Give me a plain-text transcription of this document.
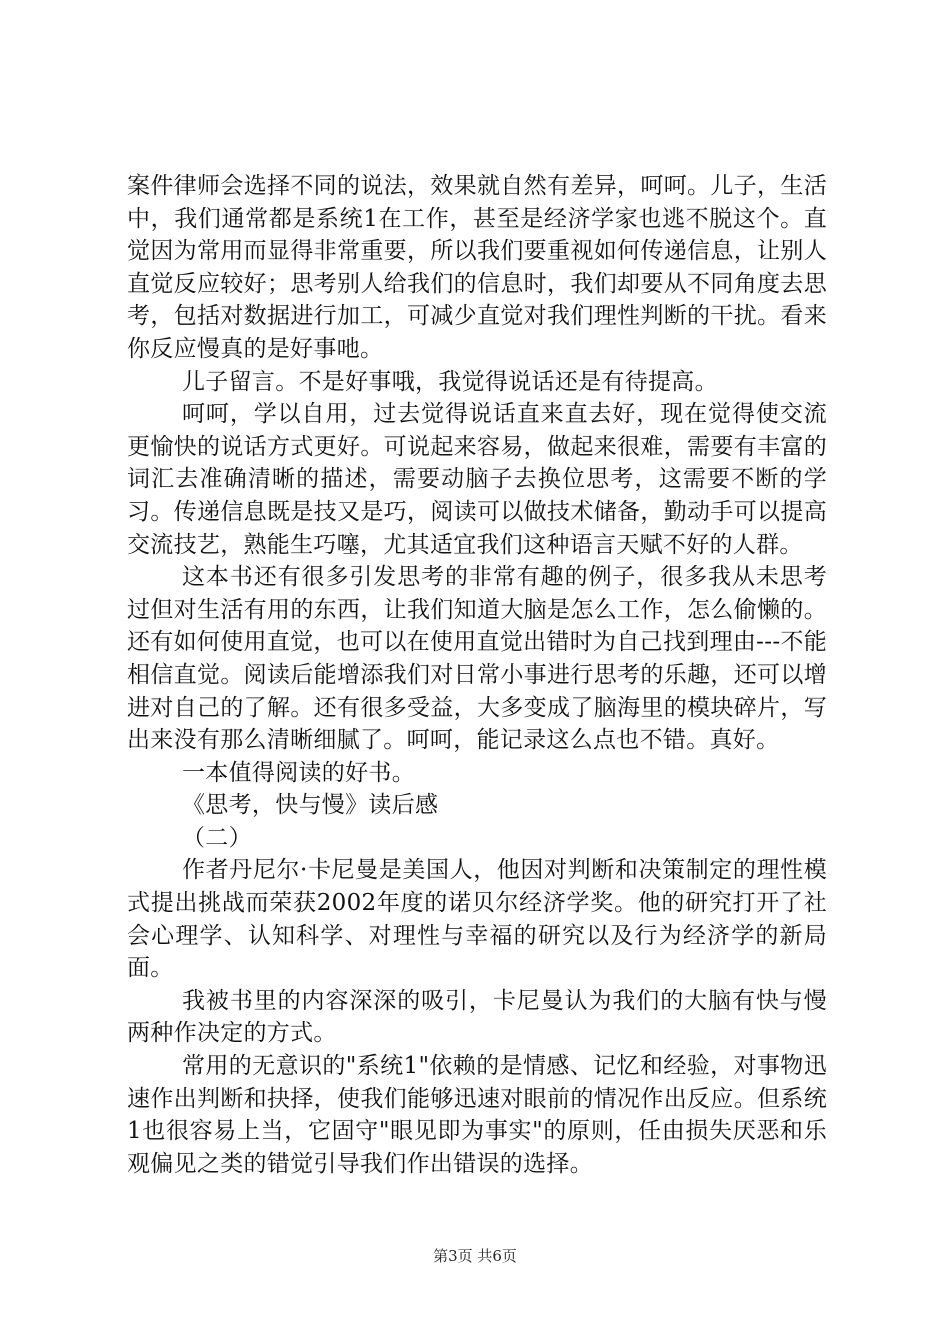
案件律师会选择不同的说法，效果就自然有差异，呵呵。儿子，生活中，我们通常都是系统1在工作，甚至是经济学家也逃不脱这个。直觉因为常用而显得非常重要，所以我们要重视如何传递信息，让别人直觉反应较好；思考别人给我们的信息时，我们却要从不同角度去思考，包括对数据进行加工，可减少直觉对我们理性判断的干扰。看来你反应慢真的是好事吔。

儿子留言。不是好事哦，我觉得说话还是有待提高。

呵呵，学以自用，过去觉得说话直来直去好，现在觉得使交流更愉快的说话方式更好。可说起来容易，做起来很难，需要有丰富的词汇去准确清晰的描述，需要动脑子去换位思考，这需要不断的学习。传递信息既是技又是巧，阅读可以做技术储备，勤动手可以提高交流技艺，熟能生巧噻，尤其适宜我们这种语言天赋不好的人群。

这本书还有很多引发思考的非常有趣的例子，很多我从未思考过但对生活有用的东西，让我们知道大脑是怎么工作，怎么偷懒的。还有如何使用直觉，也可以在使用直觉出错时为自己找到理由---不能相信直觉。阅读后能增添我们对日常小事进行思考的乐趣，还可以增进对自己的了解。还有很多受益，大多变成了脑海里的模块碎片，写出来没有那么清晰细腻了。呵呵，能记录这么点也不错。真好。

一本值得阅读的好书。

《思考，快与慢》读后感

（二）

作者丹尼尔·卡尼曼是美国人，他因对判断和决策制定的理性模式提出挑战而荣获2002年度的诺贝尔经济学奖。他的研究打开了社会心理学、认知科学、对理性与幸福的研究以及行为经济学的新局面。

我被书里的内容深深的吸引，卡尼曼认为我们的大脑有快与慢两种作决定的方式。

常用的无意识的"系统1"依赖的是情感、记忆和经验，对事物迅速作出判断和抉择，使我们能够迅速对眼前的情况作出反应。但系统1也很容易上当，它固守"眼见即为事实"的原则，任由损失厌恶和乐观偏见之类的错觉引导我们作出错误的选择。

第3页 共6页
